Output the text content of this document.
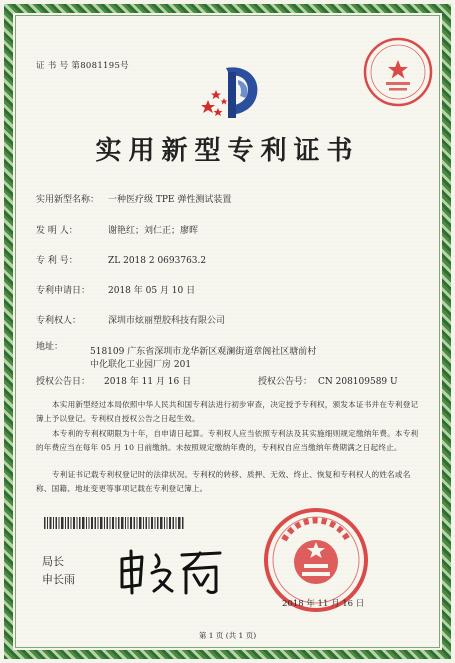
证 书 号 第8081195号
实用新型专利证书
实用新型名称： 一种医疗级 TPE 弹性测试装置
发 明 人：	谢艳红；刘仁正；廖晖
专 利 号：	ZL 2018 2 0693763.2
专利申请日： 2018 年 05 月 10 日
专利权人：	深圳市炫丽塑胶科技有限公司
地址：	518109 广东省深圳市龙华新区观澜街道章阁社区塘前村
中化联化工业园厂房 201
授权公告日： 2018 年 11 月 16 日	授权公告号： CN 208109589 U
本实用新型经过本局依照中华人民共和国专利法进行初步审查，决定授予专利权，颁发本证书并在专利登记簿上予以登记。专利权自授权公告之日起生效。
本专利的专利权期限为十年，自申请日起算。专利权人应当依照专利法及其实施细则规定缴纳年费。本专利的年费应当在每年 05 月 10 日前缴纳。未按照规定缴纳年费的，专利权自应当缴纳年费期满之日起终止。
专利证书记载专利权登记时的法律状况。专利权的转移、质押、无效、终止、恢复和专利权人的姓名或名称、国籍、地址变更等事项记载在专利登记簿上。
局长
申长雨
2018 年 11 月 16 日
第 1 页 (共 1 页)
